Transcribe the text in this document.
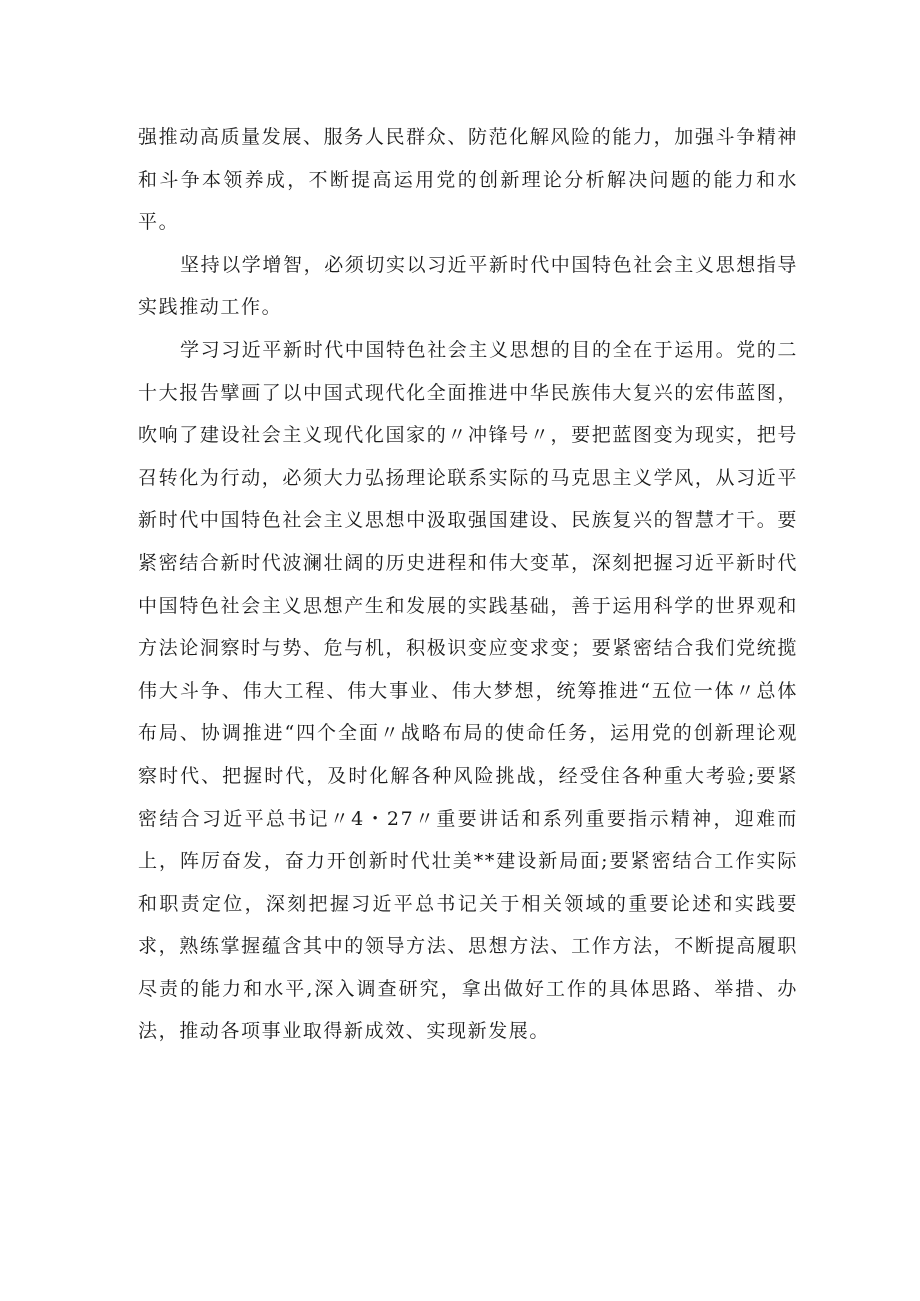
强推动高质量发展、服务人民群众、防范化解风险的能力，加强斗争精神和斗争本领养成，不断提高运用党的创新理论分析解决问题的能力和水平。

坚持以学增智，必须切实以习近平新时代中国特色社会主义思想指导实践推动工作。

学习习近平新时代中国特色社会主义思想的目的全在于运用。党的二十大报告擘画了以中国式现代化全面推进中华民族伟大复兴的宏伟蓝图，吹响了建设社会主义现代化国家的〃冲锋号〃，要把蓝图变为现实，把号召转化为行动，必须大力弘扬理论联系实际的马克思主义学风，从习近平新时代中国特色社会主义思想中汲取强国建设、民族复兴的智慧才干。要紧密结合新时代波澜壮阔的历史进程和伟大变革，深刻把握习近平新时代中国特色社会主义思想产生和发展的实践基础，善于运用科学的世界观和方法论洞察时与势、危与机，积极识变应变求变；要紧密结合我们党统揽伟大斗争、伟大工程、伟大事业、伟大梦想，统筹推进“五位一体〃总体布局、协调推进“四个全面〃战略布局的使命任务，运用党的创新理论观察时代、把握时代，及时化解各种风险挑战，经受住各种重大考验;要紧密结合习近平总书记〃4・27〃重要讲话和系列重要指示精神，迎难而上，阵厉奋发，奋力开创新时代壮美**建设新局面;要紧密结合工作实际和职责定位，深刻把握习近平总书记关于相关领域的重要论述和实践要求，熟练掌握蕴含其中的领导方法、思想方法、工作方法，不断提高履职尽责的能力和水平,深入调查研究，拿出做好工作的具体思路、举措、办法，推动各项事业取得新成效、实现新发展。
